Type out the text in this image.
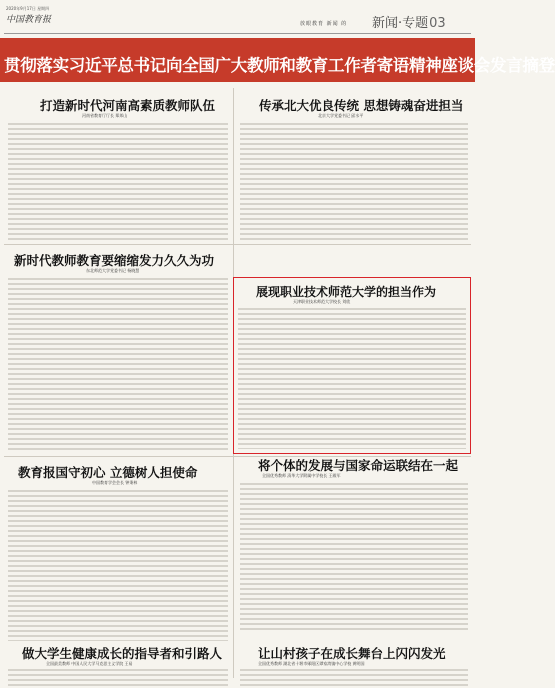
2020年9月17日 星期四
中国教育报	放眼教育 新闻 的 新闻·专题03
贯彻落实习近平总书记向全国广大教师和教育工作者寄语精神座谈会发言摘登
打造新时代河南高素质教师队伍
河南省教育厅厅长 郑邦山
传承北大优良传统 思想铸魂奋进担当
北京大学党委书记 邱水平
新时代教师教育要缩缩发力久久为功
东北师范大学党委书记 杨晓慧
展现职业技术师范大学的担当作为
天津职业技术师范大学校长 刘欣
教育报国守初心 立德树人担使命
中国教育学会会长 钟秉林
将个体的发展与国家命运联结在一起
全国优秀教师 清华大学附属中学校长 王殿军
做大学生健康成长的指导者和引路人
全国最美教师 中国人民大学马克思主义学院 王易
让山村孩子在成长舞台上闪闪发光
全国优秀教师 湖北省十堰市郧阳区谭家湾镇中心学校 黄明国
